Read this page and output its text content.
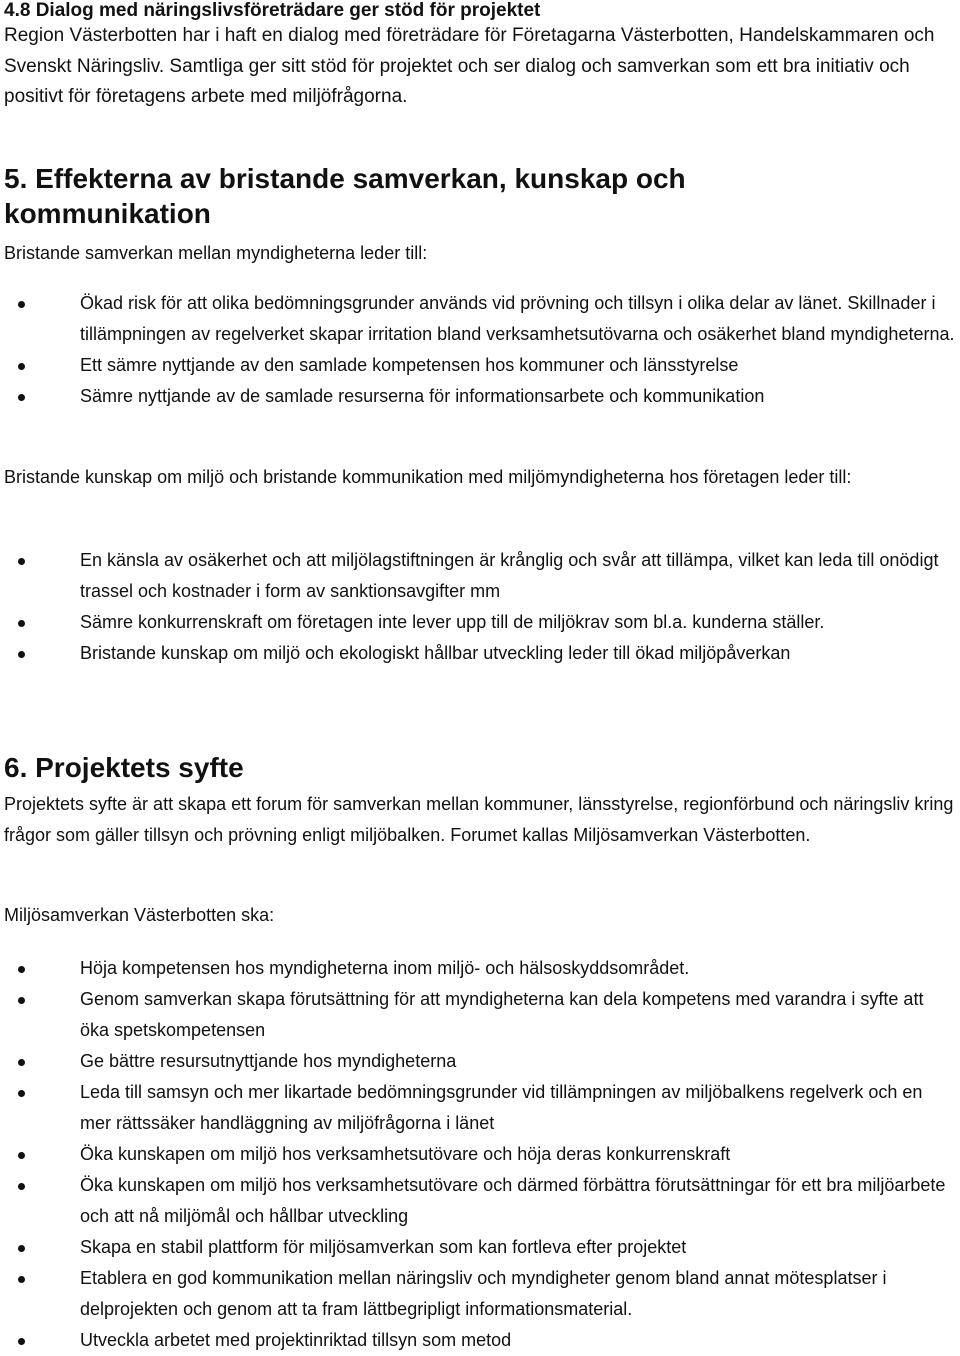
4.8 Dialog med näringslivsföreträdare ger stöd för projektet

Region Västerbotten har i haft en dialog med företrädare för Företagarna Västerbotten, Handelskammaren och Svenskt Näringsliv. Samtliga ger sitt stöd för projektet och ser dialog och samverkan som ett bra initiativ och positivt för företagens arbete med miljöfrågorna.

5. Effekterna av bristande samverkan, kunskap och kommunikation

Bristande samverkan mellan myndigheterna leder till:

Ökad risk för att olika bedömningsgrunder används vid prövning och tillsyn i olika delar av länet. Skillnader i tillämpningen av regelverket skapar irritation bland verksamhetsutövarna och osäkerhet bland myndigheterna.
Ett sämre nyttjande av den samlade kompetensen hos kommuner och länsstyrelse
Sämre nyttjande av de samlade resurserna för informationsarbete och kommunikation

Bristande kunskap om miljö och bristande kommunikation med miljömyndigheterna hos företagen leder till:

En känsla av osäkerhet och att miljölagstiftningen är krånglig och svår att tillämpa, vilket kan leda till onödigt trassel och kostnader i form av sanktionsavgifter mm
Sämre konkurrenskraft om företagen inte lever upp till de miljökrav som bl.a. kunderna ställer.
Bristande kunskap om miljö och ekologiskt hållbar utveckling leder till ökad miljöpåverkan
6. Projektets syfte

Projektets syfte är att skapa ett forum för samverkan mellan kommuner, länsstyrelse, regionförbund och näringsliv kring frågor som gäller tillsyn och prövning enligt miljöbalken. Forumet kallas Miljösamverkan Västerbotten.

Miljösamverkan Västerbotten ska:

Höja kompetensen hos myndigheterna inom miljö- och hälsoskyddsområdet.
Genom samverkan skapa förutsättning för att myndigheterna kan dela kompetens med varandra i syfte att öka spetskompetensen
Ge bättre resursutnyttjande hos myndigheterna
Leda till samsyn och mer likartade bedömningsgrunder vid tillämpningen av miljöbalkens regelverk och en mer rättssäker handläggning av miljöfrågorna i länet
Öka kunskapen om miljö hos verksamhetsutövare och höja deras konkurrenskraft
Öka kunskapen om miljö hos verksamhetsutövare och därmed förbättra förutsättningar för ett bra miljöarbete och att nå miljömål och hållbar utveckling
Skapa en stabil plattform för miljösamverkan som kan fortleva efter projektet
Etablera en god kommunikation mellan näringsliv och myndigheter genom bland annat mötesplatser i delprojekten och genom att ta fram lättbegripligt informationsmaterial.
Utveckla arbetet med projektinriktad tillsyn som metod
